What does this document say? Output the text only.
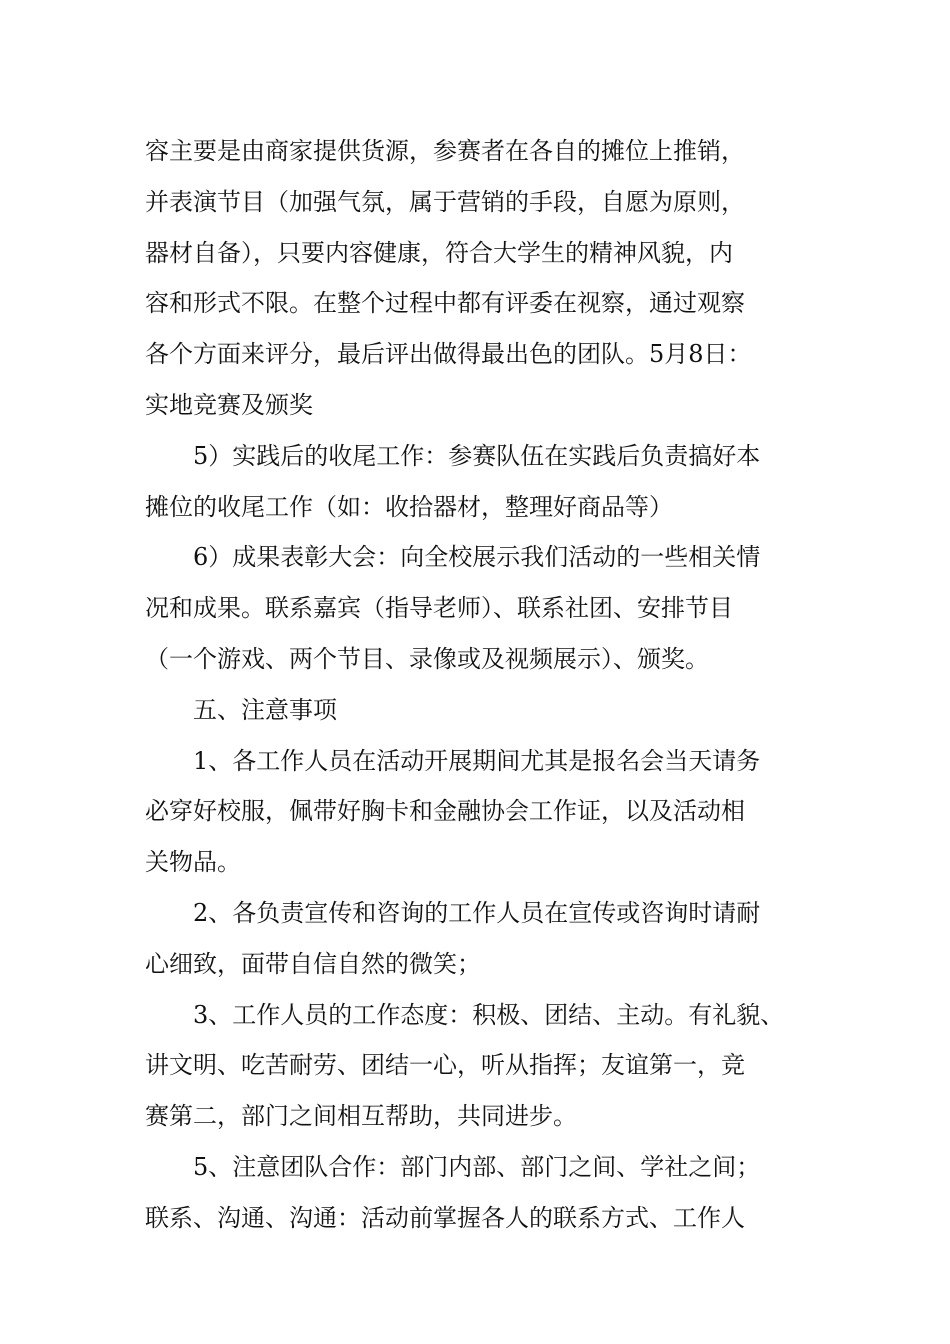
容主要是由商家提供货源，参赛者在各自的摊位上推销，
并表演节目（加强气氛，属于营销的手段，自愿为原则，
器材自备），只要内容健康，符合大学生的精神风貌，内
容和形式不限。在整个过程中都有评委在视察，通过观察
各个方面来评分，最后评出做得最出色的团队。5月8日：
实地竞赛及颁奖
5）实践后的收尾工作：参赛队伍在实践后负责搞好本
摊位的收尾工作（如：收拾器材，整理好商品等）
6）成果表彰大会：向全校展示我们活动的一些相关情
况和成果。联系嘉宾（指导老师）、联系社团、安排节目
（一个游戏、两个节目、录像或及视频展示）、颁奖。
五、注意事项
1、各工作人员在活动开展期间尤其是报名会当天请务
必穿好校服，佩带好胸卡和金融协会工作证，以及活动相
关物品。
2、各负责宣传和咨询的工作人员在宣传或咨询时请耐
心细致，面带自信自然的微笑；
3、工作人员的工作态度：积极、团结、主动。有礼貌、
讲文明、吃苦耐劳、团结一心，听从指挥；友谊第一，竞
赛第二，部门之间相互帮助，共同进步。
5、注意团队合作：部门内部、部门之间、学社之间；
联系、沟通、沟通：活动前掌握各人的联系方式、工作人
